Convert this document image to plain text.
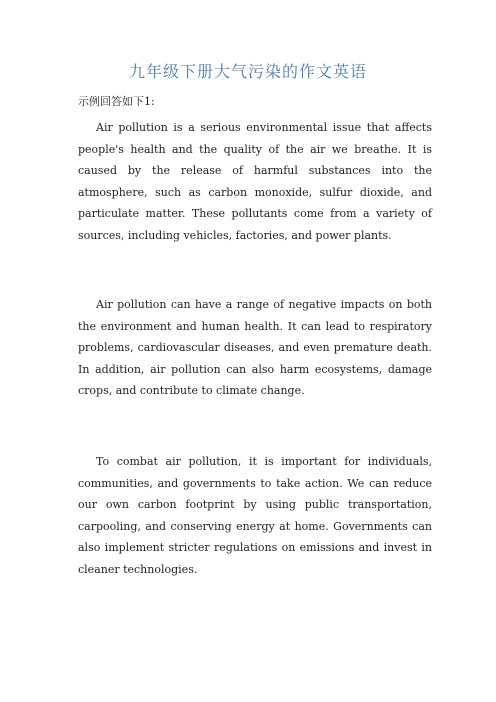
九年级下册大气污染的作文英语

示例回答如下1:

Air pollution is a serious environmental issue that affects people's health and the quality of the air we breathe. It is caused by the release of harmful substances into the atmosphere, such as carbon monoxide, sulfur dioxide, and particulate matter. These pollutants come from a variety of sources, including vehicles, factories, and power plants.

Air pollution can have a range of negative impacts on both the environment and human health. It can lead to respiratory problems, cardiovascular diseases, and even premature death. In addition, air pollution can also harm ecosystems, damage crops, and contribute to climate change.

To combat air pollution, it is important for individuals, communities, and governments to take action. We can reduce our own carbon footprint by using public transportation, carpooling, and conserving energy at home. Governments can also implement stricter regulations on emissions and invest in cleaner technologies.
